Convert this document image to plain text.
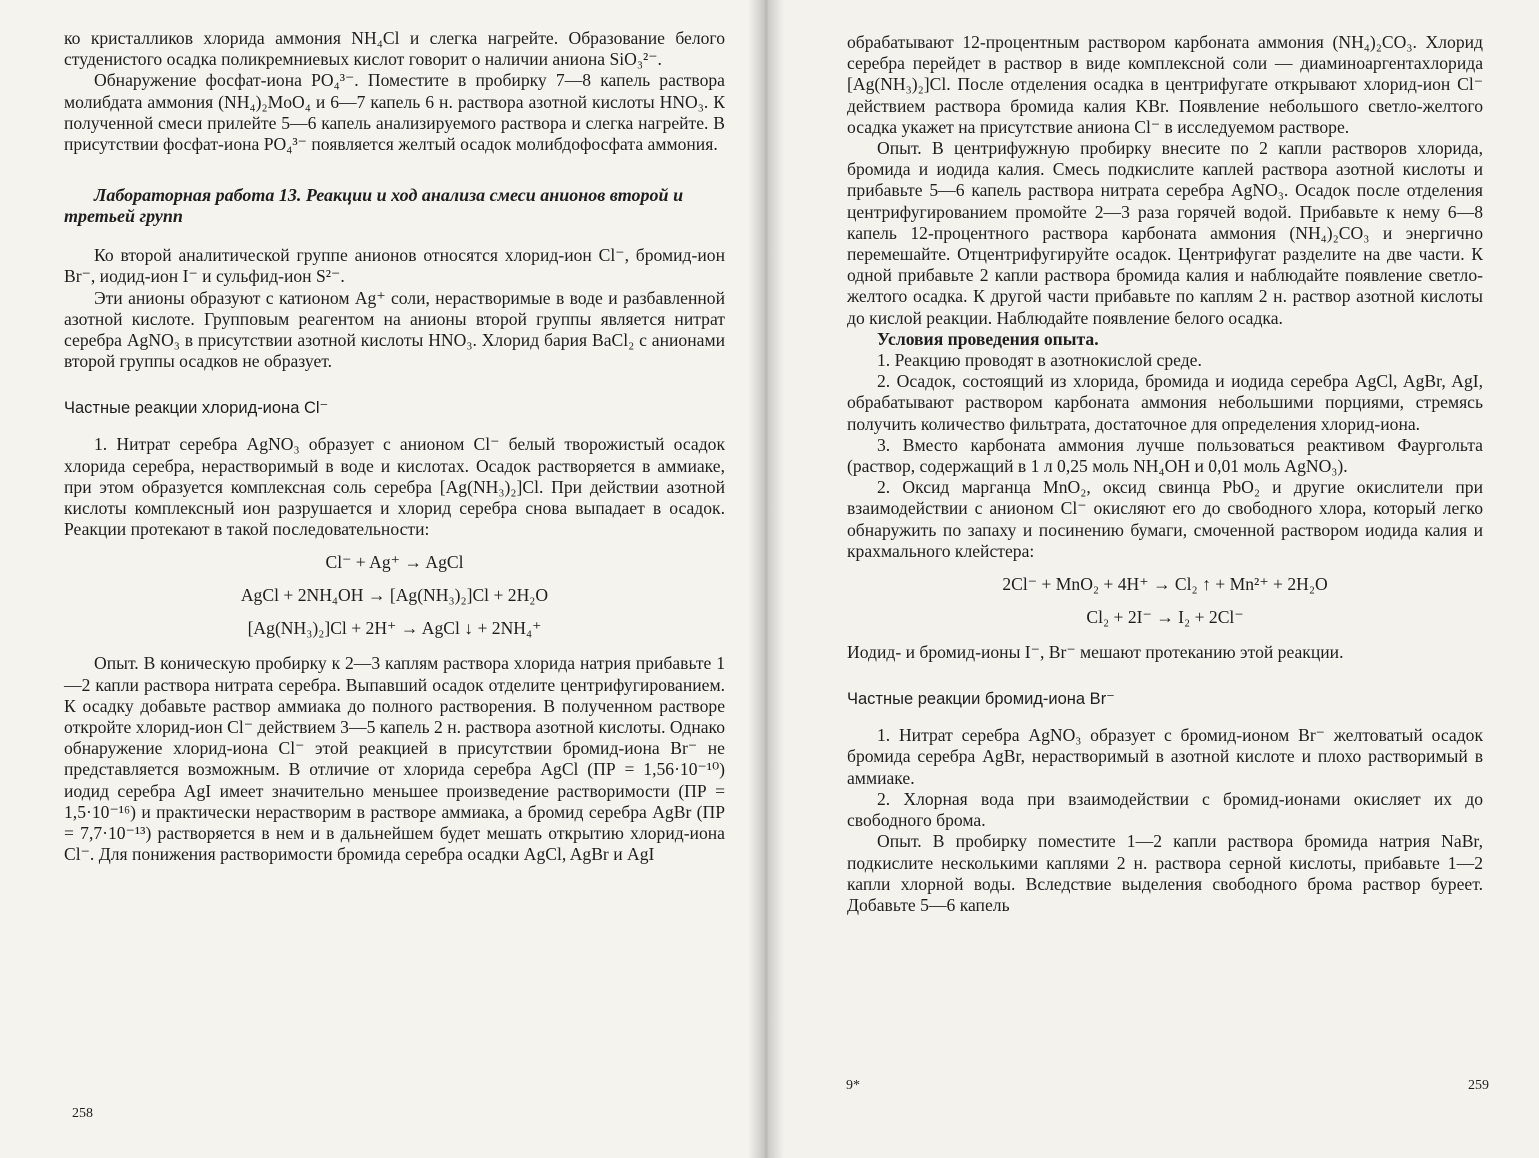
ко кристалликов хлорида аммония NH₄Cl и слегка нагрейте. Образование белого студенистого осадка поликремниевых кислот говорит о наличии аниона SiO₃²⁻.

Обнаружение фосфат-иона PO₄³⁻. Поместите в пробирку 7—8 капель раствора молибдата аммония (NH₄)₂MoO₄ и 6—7 капель 6 н. раствора азотной кислоты HNO₃. К полученной смеси прилейте 5—6 капель анализируемого раствора и слегка нагрейте. В присутствии фосфат-иона PO₄³⁻ появляется желтый осадок молибдофосфата аммония.

Лабораторная работа 13. Реакции и ход анализа смеси анионов второй и третьей групп

Ко второй аналитической группе анионов относятся хлорид-ион Cl⁻, бромид-ион Br⁻, иодид-ион I⁻ и сульфид-ион S²⁻.

Эти анионы образуют с катионом Ag⁺ соли, нерастворимые в воде и разбавленной азотной кислоте. Групповым реагентом на анионы второй группы является нитрат серебра AgNO₃ в присутствии азотной кислоты HNO₃. Хлорид бария BaCl₂ с анионами второй группы осадков не образует.

Частные реакции хлорид-иона Cl⁻

1. Нитрат серебра AgNO₃ образует с анионом Cl⁻ белый творожистый осадок хлорида серебра, нерастворимый в воде и кислотах. Осадок растворяется в аммиаке, при этом образуется комплексная соль серебра [Ag(NH₃)₂]Cl. При действии азотной кислоты комплексный ион разрушается и хлорид серебра снова выпадает в осадок. Реакции протекают в такой последовательности:

Cl⁻ + Ag⁺ → AgCl
AgCl + 2NH₄OH → [Ag(NH₃)₂]Cl + 2H₂O
[Ag(NH₃)₂]Cl + 2H⁺ → AgCl ↓ + 2NH₄⁺

Опыт. В коническую пробирку к 2—3 каплям раствора хлорида натрия прибавьте 1—2 капли раствора нитрата серебра. Выпавший осадок отделите центрифугированием. К осадку добавьте раствор аммиака до полного растворения. В полученном растворе откройте хлорид-ион Cl⁻ действием 3—5 капель 2 н. раствора азотной кислоты. Однако обнаружение хлорид-иона Cl⁻ этой реакцией в присутствии бромид-иона Br⁻ не представляется возможным. В отличие от хлорида серебра AgCl (ПР = 1,56·10⁻¹⁰) иодид серебра AgI имеет значительно меньшее произведение растворимости (ПР = 1,5·10⁻¹⁶) и практически нерастворим в растворе аммиака, а бромид серебра AgBr (ПР = 7,7·10⁻¹³) растворяется в нем и в дальнейшем будет мешать открытию хлорид-иона Cl⁻. Для понижения растворимости бромида серебра осадки AgCl, AgBr и AgI

258

обрабатывают 12-процентным раствором карбоната аммония (NH₄)₂CO₃. Хлорид серебра перейдет в раствор в виде комплексной соли — диаминоаргентахлорида [Ag(NH₃)₂]Cl. После отделения осадка в центрифугате открывают хлорид-ион Cl⁻ действием раствора бромида калия KBr. Появление небольшого светло-желтого осадка укажет на присутствие аниона Cl⁻ в исследуемом растворе.

Опыт. В центрифужную пробирку внесите по 2 капли растворов хлорида, бромида и иодида калия. Смесь подкислите каплей раствора азотной кислоты и прибавьте 5—6 капель раствора нитрата серебра AgNO₃. Осадок после отделения центрифугированием промойте 2—3 раза горячей водой. Прибавьте к нему 6—8 капель 12-процентного раствора карбоната аммония (NH₄)₂CO₃ и энергично перемешайте. Отцентрифугируйте осадок. Центрифугат разделите на две части. К одной прибавьте 2 капли раствора бромида калия и наблюдайте появление светло-желтого осадка. К другой части прибавьте по каплям 2 н. раствор азотной кислоты до кислой реакции. Наблюдайте появление белого осадка.

Условия проведения опыта.

1. Реакцию проводят в азотнокислой среде.

2. Осадок, состоящий из хлорида, бромида и иодида серебра AgCl, AgBr, AgI, обрабатывают раствором карбоната аммония небольшими порциями, стремясь получить количество фильтрата, достаточное для определения хлорид-иона.

3. Вместо карбоната аммония лучше пользоваться реактивом Фаургольта (раствор, содержащий в 1 л 0,25 моль NH₄OH и 0,01 моль AgNO₃).

2. Оксид марганца MnO₂, оксид свинца PbO₂ и другие окислители при взаимодействии с анионом Cl⁻ окисляют его до свободного хлора, который легко обнаружить по запаху и посинению бумаги, смоченной раствором иодида калия и крахмального клейстера:

2Cl⁻ + MnO₂ + 4H⁺ → Cl₂ ↑ + Mn²⁺ + 2H₂O
Cl₂ + 2I⁻ → I₂ + 2Cl⁻

Иодид- и бромид-ионы I⁻, Br⁻ мешают протеканию этой реакции.

Частные реакции бромид-иона Br⁻

1. Нитрат серебра AgNO₃ образует с бромид-ионом Br⁻ желтоватый осадок бромида серебра AgBr, нерастворимый в азотной кислоте и плохо растворимый в аммиаке.

2. Хлорная вода при взаимодействии с бромид-ионами окисляет их до свободного брома.

Опыт. В пробирку поместите 1—2 капли раствора бромида натрия NaBr, подкислите несколькими каплями 2 н. раствора серной кислоты, прибавьте 1—2 капли хлорной воды. Вследствие выделения свободного брома раствор буреет. Добавьте 5—6 капель

9*	259
